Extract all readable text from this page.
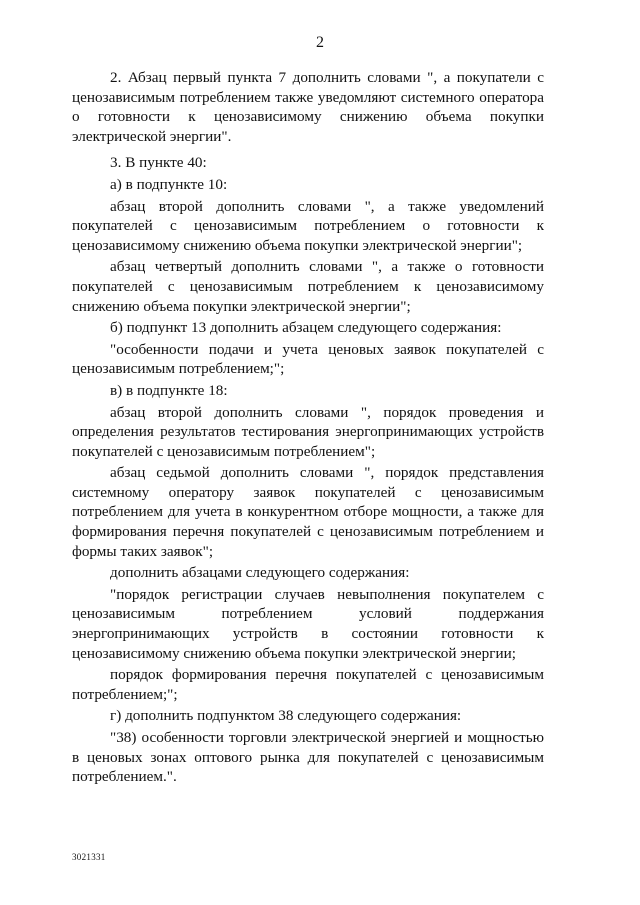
2

2. Абзац первый пункта 7 дополнить словами ", а покупатели с ценозависимым потреблением также уведомляют системного оператора о готовности к ценозависимому снижению объема покупки электрической энергии".

3. В пункте 40:

а) в подпункте 10:

абзац второй дополнить словами ", а также уведомлений покупателей с ценозависимым потреблением о готовности к ценозависимому снижению объема покупки электрической энергии";

абзац четвертый дополнить словами ", а также о готовности покупателей с ценозависимым потреблением к ценозависимому снижению объема покупки электрической энергии";

б) подпункт 13 дополнить абзацем следующего содержания:

"особенности подачи и учета ценовых заявок покупателей с ценозависимым потреблением;";

в) в подпункте 18:

абзац второй дополнить словами ", порядок проведения и определения результатов тестирования энергопринимающих устройств покупателей с ценозависимым потреблением";

абзац седьмой дополнить словами ", порядок представления системному оператору заявок покупателей с ценозависимым потреблением для учета в конкурентном отборе мощности, а также для формирования перечня покупателей с ценозависимым потреблением и формы таких заявок";

дополнить абзацами следующего содержания:

"порядок регистрации случаев невыполнения покупателем с ценозависимым потреблением условий поддержания энергопринимающих устройств в состоянии готовности к ценозависимому снижению объема покупки электрической энергии;

порядок формирования перечня покупателей с ценозависимым потреблением;";

г) дополнить подпунктом 38 следующего содержания:

"38) особенности торговли электрической энергией и мощностью в ценовых зонах оптового рынка для покупателей с ценозависимым потреблением.".

3021331
